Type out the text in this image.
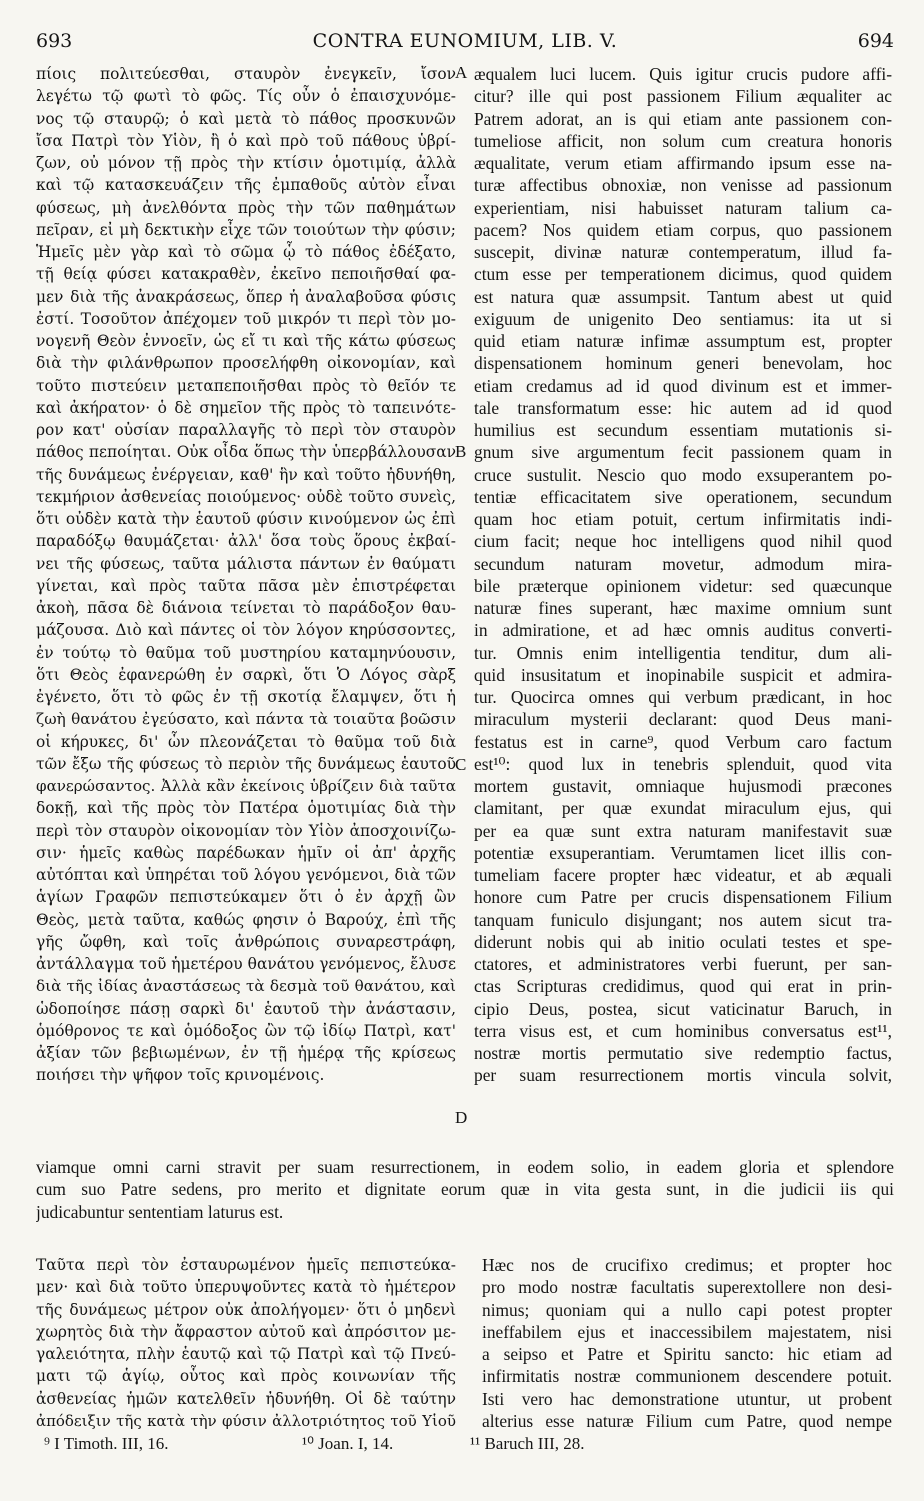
693	CONTRA EUNOMIUM, LIB. V.	694
πίοις πολιτεύεσθαι, σταυρὸν ἐνεγκεῖν, ἴσον
λεγέτω τῷ φωτὶ τὸ φῶς. Τίς οὖν ὁ ἐπαισχυνόμε-
νος τῷ σταυρῷ; ὁ καὶ μετὰ τὸ πάθος προσκυνῶν
ἴσα Πατρὶ τὸν Υἱὸν, ἢ ὁ καὶ πρὸ τοῦ πάθους ὑβρί-
ζων, οὐ μόνον τῇ πρὸς τὴν κτίσιν ὁμοτιμίᾳ, ἀλλὰ
καὶ τῷ κατασκευάζειν τῆς ἐμπαθοῦς αὐτὸν εἶναι
φύσεως, μὴ ἀνελθόντα πρὸς τὴν τῶν παθημάτων
πεῖραν, εἰ μὴ δεκτικὴν εἶχε τῶν τοιούτων τὴν φύσιν;
Ἡμεῖς μὲν γὰρ καὶ τὸ σῶμα ᾧ τὸ πάθος ἐδέξατο,
τῇ θείᾳ φύσει κατακραθὲν, ἐκεῖνο πεποιῆσθαί φα-
μεν διὰ τῆς ἀνακράσεως, ὅπερ ἡ ἀναλαβοῦσα φύσις
ἐστί. Τοσοῦτον ἀπέχομεν τοῦ μικρόν τι περὶ τὸν μο-
νογενῆ Θεὸν ἐννοεῖν, ὡς εἴ τι καὶ τῆς κάτω φύσεως
διὰ τὴν φιλάνθρωπον προσελήφθη οἰκονομίαν, καὶ
τοῦτο πιστεύειν μεταπεποιῆσθαι πρὸς τὸ θεῖόν τε
καὶ ἀκήρατον· ὁ δὲ σημεῖον τῆς πρὸς τὸ ταπεινότε-
ρον κατ' οὐσίαν παραλλαγῆς τὸ περὶ τὸν σταυρὸν
πάθος πεποίηται. Οὐκ οἶδα ὅπως τὴν ὑπερβάλλουσαν
τῆς δυνάμεως ἐνέργειαν, καθ' ἣν καὶ τοῦτο ἠδυνήθη,
τεκμήριον ἀσθενείας ποιούμενος· οὐδὲ τοῦτο συνεὶς,
ὅτι οὐδὲν κατὰ τὴν ἑαυτοῦ φύσιν κινούμενον ὡς ἐπὶ
παραδόξῳ θαυμάζεται· ἀλλ' ὅσα τοὺς ὅρους ἐκβαί-
νει τῆς φύσεως, ταῦτα μάλιστα πάντων ἐν θαύματι
γίνεται, καὶ πρὸς ταῦτα πᾶσα μὲν ἐπιστρέφεται
ἀκοὴ, πᾶσα δὲ διάνοια τείνεται τὸ παράδοξον θαυ-
μάζουσα. Διὸ καὶ πάντες οἱ τὸν λόγον κηρύσσοντες,
ἐν τούτῳ τὸ θαῦμα τοῦ μυστηρίου καταμηνύουσιν,
ὅτι Θεὸς ἐφανερώθη ἐν σαρκὶ, ὅτι Ὁ Λόγος σὰρξ
ἐγένετο, ὅτι τὸ φῶς ἐν τῇ σκοτίᾳ ἔλαμψεν, ὅτι ἡ
ζωὴ θανάτου ἐγεύσατο, καὶ πάντα τὰ τοιαῦτα βοῶσιν
οἱ κήρυκες, δι' ὧν πλεονάζεται τὸ θαῦμα τοῦ διὰ
τῶν ἔξω τῆς φύσεως τὸ περιὸν τῆς δυνάμεως ἑαυτοῦ
φανερώσαντος. Ἀλλὰ κἂν ἐκείνοις ὑβρίζειν διὰ ταῦτα
δοκῇ, καὶ τῆς πρὸς τὸν Πατέρα ὁμοτιμίας διὰ τὴν
περὶ τὸν σταυρὸν οἰκονομίαν τὸν Υἱὸν ἀποσχοινίζω-
σιν· ἡμεῖς καθὼς παρέδωκαν ἡμῖν οἱ ἀπ' ἀρχῆς
αὐτόπται καὶ ὑπηρέται τοῦ λόγου γενόμενοι, διὰ τῶν
ἁγίων Γραφῶν πεπιστεύκαμεν ὅτι ὁ ἐν ἀρχῇ ὢν
Θεὸς, μετὰ ταῦτα, καθώς φησιν ὁ Βαρούχ, ἐπὶ τῆς
γῆς ὤφθη, καὶ τοῖς ἀνθρώποις συναρεστράφη,
ἀντάλλαγμα τοῦ ἡμετέρου θανάτου γενόμενος, ἔλυσε
διὰ τῆς ἰδίας ἀναστάσεως τὰ δεσμὰ τοῦ θανάτου, καὶ
ὡδοποίησε πάσῃ σαρκὶ δι' ἑαυτοῦ τὴν ἀνάστασιν,
ὁμόθρονος τε καὶ ὁμόδοξος ὢν τῷ ἰδίῳ Πατρὶ, κατ'
ἀξίαν τῶν βεβιωμένων, ἐν τῇ ἡμέρᾳ τῆς κρίσεως
ποιήσει τὴν ψῆφον τοῖς κρινομένοις.
æqualem luci lucem. Quis igitur crucis pudore affi-
citur? ille qui post passionem Filium æqualiter ac
Patrem adorat, an is qui etiam ante passionem con-
tumeliose afficit, non solum cum creatura honoris
æqualitate, verum etiam affirmando ipsum esse na-
turæ affectibus obnoxiæ, non venisse ad passionum
experientiam, nisi habuisset naturam talium ca-
pacem? Nos quidem etiam corpus, quo passionem
suscepit, divinæ naturæ contemperatum, illud fa-
ctum esse per temperationem dicimus, quod quidem
est natura quæ assumpsit. Tantum abest ut quid
exiguum de unigenito Deo sentiamus: ita ut si
quid etiam naturæ infimæ assumptum est, propter
dispensationem hominum generi benevolam, hoc
etiam credamus ad id quod divinum est et immer-
tale transformatum esse: hic autem ad id quod
humilius est secundum essentiam mutationis si-
gnum sive argumentum fecit passionem quam in
cruce sustulit. Nescio quo modo exsuperantem po-
tentiæ efficacitatem sive operationem, secundum
quam hoc etiam potuit, certum infirmitatis indi-
cium facit; neque hoc intelligens quod nihil quod
secundum naturam movetur, admodum mira-
bile præterque opinionem videtur: sed quæcunque
naturæ fines superant, hæc maxime omnium sunt
in admiratione, et ad hæc omnis auditus converti-
tur. Omnis enim intelligentia tenditur, dum ali-
quid insusitatum et inopinabile suspicit et admira-
tur. Quocirca omnes qui verbum prædicant, in hoc
miraculum mysterii declarant: quod Deus mani-
festatus est in carne⁹, quod Verbum caro factum
est¹⁰: quod lux in tenebris splenduit, quod vita
mortem gustavit, omniaque hujusmodi præcones
clamitant, per quæ exundat miraculum ejus, qui
per ea quæ sunt extra naturam manifestavit suæ
potentiæ exsuperantiam. Verumtamen licet illis con-
tumeliam facere propter hæc videatur, et ab æquali
honore cum Patre per crucis dispensationem Filium
tanquam funiculo disjungant; nos autem sicut tra-
diderunt nobis qui ab initio oculati testes et spe-
ctatores, et administratores verbi fuerunt, per san-
ctas Scripturas credidimus, quod qui erat in prin-
cipio Deus, postea, sicut vaticinatur Baruch, in
terra visus est, et cum hominibus conversatus est¹¹,
nostræ mortis permutatio sive redemptio factus,
per suam resurrectionem mortis vincula solvit,
A
B
C
D
viamque omni carni stravit per suam resurrectionem, in eodem solio, in eadem gloria et splendore
cum suo Patre sedens, pro merito et dignitate eorum quæ in vita gesta sunt, in die judicii iis qui
judicabuntur sententiam laturus est.
Ταῦτα περὶ τὸν ἐσταυρωμένον ἡμεῖς πεπιστεύκα-
μεν· καὶ διὰ τοῦτο ὑπερυψοῦντες κατὰ τὸ ἡμέτερον
τῆς δυνάμεως μέτρον οὐκ ἀπολήγομεν· ὅτι ὁ μηδενὶ
χωρητὸς διὰ τὴν ἄφραστον αὐτοῦ καὶ ἀπρόσιτον με-
γαλειότητα, πλὴν ἑαυτῷ καὶ τῷ Πατρὶ καὶ τῷ Πνεύ-
ματι τῷ ἁγίῳ, οὗτος καὶ πρὸς κοινωνίαν τῆς
ἀσθενείας ἡμῶν κατελθεῖν ἠδυνήθη. Οἱ δὲ ταύτην
ἀπόδειξιν τῆς κατὰ τὴν φύσιν ἀλλοτριότητος τοῦ Υἱοῦ
Hæc nos de crucifixo credimus; et propter hoc
pro modo nostræ facultatis superextollere non desi-
nimus; quoniam qui a nullo capi potest propter
ineffabilem ejus et inaccessibilem majestatem, nisi
a seipso et Patre et Spiritu sancto: hic etiam ad
infirmitatis nostræ communionem descendere potuit.
Isti vero hac demonstratione utuntur, ut probent
alterius esse naturæ Filium cum Patre, quod nempe
⁹ I Timoth. III, 16.	¹⁰ Joan. I, 14.	¹¹ Baruch III, 28.
